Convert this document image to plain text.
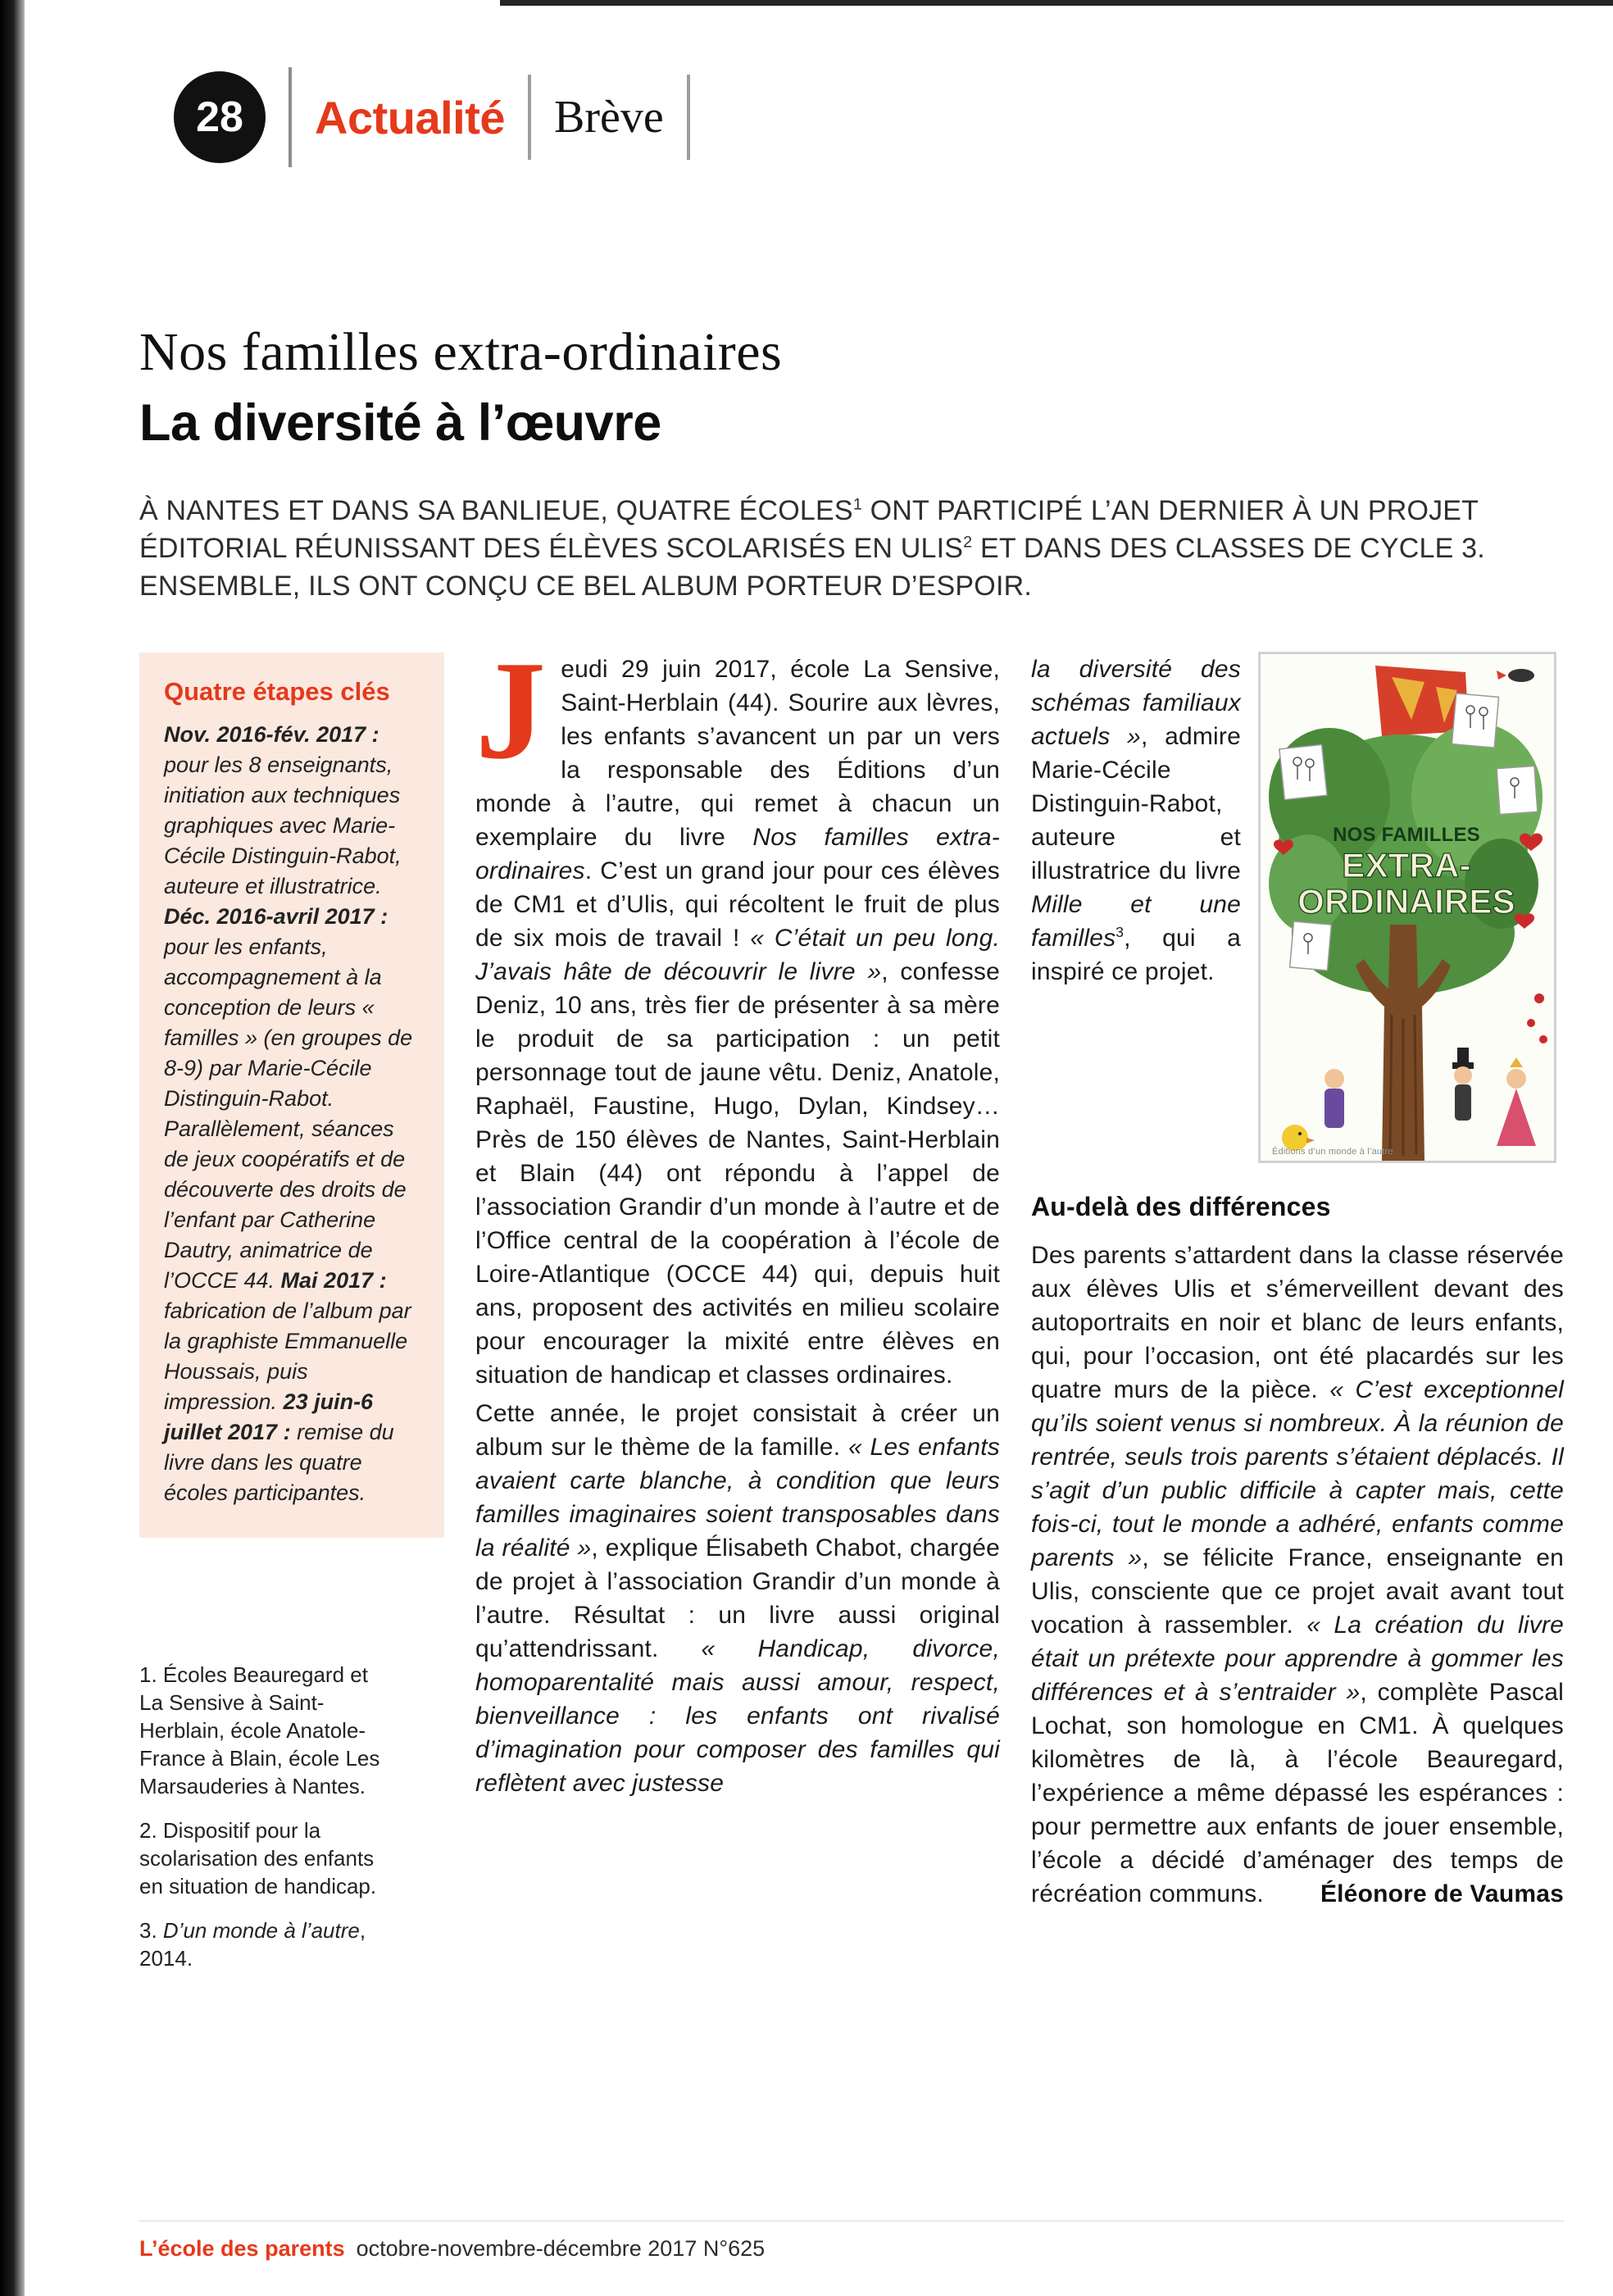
28 Actualité Brève
Nos familles extra-ordinaires
La diversité à l’œuvre

À NANTES ET DANS SA BANLIEUE, QUATRE ÉCOLES$^1$ ONT PARTICIPÉ L’AN DERNIER À UN PROJET ÉDITORIAL RÉUNISSANT DES ÉLÈVES SCOLARISÉS EN ULIS$^2$ ET DANS DES CLASSES DE CYCLE 3. ENSEMBLE, ILS ONT CONÇU CE BEL ALBUM PORTEUR D’ESPOIR.

Quatre étapes clés

Nov. 2016-fév. 2017 : pour les 8 enseignants, initiation aux techniques graphiques avec Marie-Cécile Distinguin-Rabot, auteure et illustratrice. Déc. 2016-avril 2017 : pour les enfants, accompagnement à la conception de leurs « familles » (en groupes de 8-9) par Marie-Cécile Distinguin-Rabot. Parallèlement, séances de jeux coopératifs et de découverte des droits de l’enfant par Catherine Dautry, animatrice de l’OCCE 44. Mai 2017 : fabrication de l’album par la graphiste Emmanuelle Houssais, puis impression. 23 juin-6 juillet 2017 : remise du livre dans les quatre écoles participantes.

1. Écoles Beauregard et La Sensive à Saint-Herblain, école Anatole-France à Blain, école Les Marsauderies à Nantes.

2. Dispositif pour la scolarisation des enfants en situation de handicap.

3. D’un monde à l’autre, 2014.

J eudi 29 juin 2017, école La Sensive, Saint-Herblain (44). Sourire aux lèvres, les enfants s’avancent un par un vers la responsable des Éditions d’un monde à l’autre, qui remet à chacun un exemplaire du livre Nos familles extra-ordinaires. C’est un grand jour pour ces élèves de CM1 et d’Ulis, qui récoltent le fruit de plus de six mois de travail ! « C’était un peu long. J’avais hâte de découvrir le livre », confesse Deniz, 10 ans, très fier de présenter à sa mère le produit de sa participation : un petit personnage tout de jaune vêtu. Deniz, Anatole, Raphaël, Faustine, Hugo, Dylan, Kindsey… Près de 150 élèves de Nantes, Saint-Herblain et Blain (44) ont répondu à l’appel de l’association Grandir d’un monde à l’autre et de l’Office central de la coopération à l’école de Loire-Atlantique (OCCE 44) qui, depuis huit ans, proposent des activités en milieu scolaire pour encourager la mixité entre élèves en situation de handicap et classes ordinaires.

Cette année, le projet consistait à créer un album sur le thème de la famille. « Les enfants avaient carte blanche, à condition que leurs familles imaginaires soient transposables dans la réalité », explique Élisabeth Chabot, chargée de projet à l’association Grandir d’un monde à l’autre. Résultat : un livre aussi original qu’attendrissant. « Handicap, divorce, homoparentalité mais aussi amour, respect, bienveillance : les enfants ont rivalisé d’imagination pour composer des familles qui reflètent avec justesse

la diversité des schémas familiaux actuels », admire Marie-Cécile Distinguin-Rabot, auteure et illustratrice du livre Mille et une familles$^3$, qui a inspiré ce projet.

NOS FAMILLES
EXTRA-
ORDINAIRES
Éditions d’un monde à l’autre
Au-delà des différences

Des parents s’attardent dans la classe réservée aux élèves Ulis et s’émerveillent devant des autoportraits en noir et blanc de leurs enfants, qui, pour l’occasion, ont été placardés sur les quatre murs de la pièce. « C’est exceptionnel qu’ils soient venus si nombreux. À la réunion de rentrée, seuls trois parents s’étaient déplacés. Il s’agit d’un public difficile à capter mais, cette fois-ci, tout le monde a adhéré, enfants comme parents », se félicite France, enseignante en Ulis, consciente que ce projet avait avant tout vocation à rassembler. « La création du livre était un prétexte pour apprendre à gommer les différences et à s’entraider », complète Pascal Lochat, son homologue en CM1. À quelques kilomètres de là, à l’école Beauregard, l’expérience a même dépassé les espérances : pour permettre aux enfants de jouer ensemble, l’école a décidé d’aménager des temps de récréation communs.	Éléonore de Vaumas
L’école des parents octobre-novembre-décembre 2017 N°625
